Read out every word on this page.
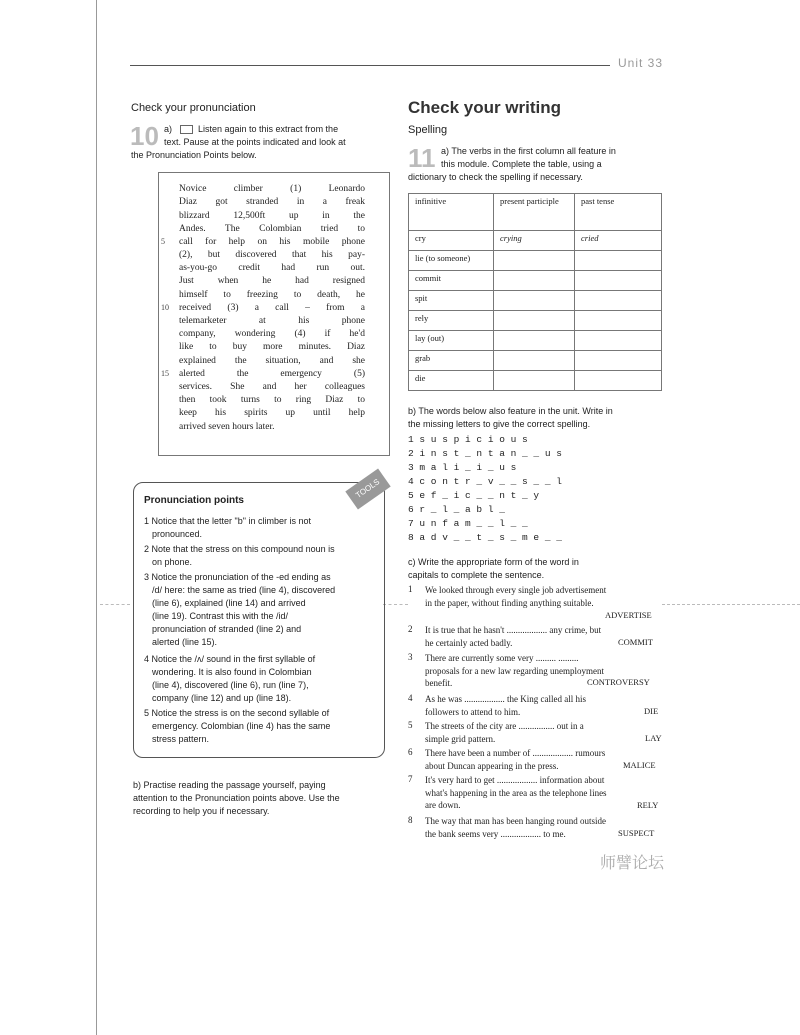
Unit 33
Check your pronunciation
10 a)	Listen again to this extract from the
text. Pause at the points indicated and look at
the Pronunciation Points below.
Novice climber (1) Leonardo
Diaz got stranded in a freak
blizzard 12,500ft up in the
Andes. The Colombian tried to
call for help on his mobile phone
(2), but discovered that his pay-
as-you-go credit had run out.
Just when he had resigned
himself to freezing to death, he
received (3) a call – from a
telemarketer at his phone
company, wondering (4) if he'd
like to buy more minutes. Diaz
explained the situation, and she
alerted the emergency (5)
services. She and her colleagues
then took turns to ring Diaz to
keep his spirits up until help
arrived seven hours later.
5
10
15
Pronunciation points
1 Notice that the letter "b" in climber is not
pronounced.
2 Note that the stress on this compound noun is
on phone.
3 Notice the pronunciation of the -ed ending as
/d/ here: the same as tried (line 4), discovered
(line 6), explained (line 14) and arrived
(line 19). Contrast this with the /id/
pronunciation of stranded (line 2) and
alerted (line 15).
4 Notice the /ʌ/ sound in the first syllable of
wondering. It is also found in Colombian
(line 4), discovered (line 6), run (line 7),
company (line 12) and up (line 18).
5 Notice the stress is on the second syllable of
emergency. Colombian (line 4) has the same
stress pattern.
TOOLS
b) Practise reading the passage yourself, paying
attention to the Pronunciation points above. Use the
recording to help you if necessary.
Check your writing
Spelling
11 a) The verbs in the first column all feature in
this module. Complete the table, using a
dictionary to check the spelling if necessary.
infinitive	present participle	past tense
cry	crying	cried
lie (to someone)		
commit		
spit		
rely		
lay (out)		
grab		
die		
b) The words below also feature in the unit. Write in
the missing letters to give the correct spelling.
1 s u s p i c i o u s
2 i n s t _ n t a n _ _ u s
3 m a l i _ i _ u s
4 c o n t r _ v _ _ s _ _ l
5 e f _ i c _ _ n t _ y
6 r _ l _ a b l _
7 u n f a m _ _ l _ _
8 a d v _ _ t _ s _ m e _ _
c) Write the appropriate form of the word in
capitals to complete the sentence.
1 We looked through every single job advertisement
in the paper, without finding anything suitable.
ADVERTISE
2 It is true that he hasn't .................. any crime, but
he certainly acted badly.	COMMIT
3 There are currently some very ......... .........
proposals for a new law regarding unemployment
benefit.	CONTROVERSY
4 As he was .................. the King called all his
followers to attend to him.	DIE
5 The streets of the city are ................ out in a
simple grid pattern.	LAY
6 There have been a number of .................. rumours
about Duncan appearing in the press.	MALICE
7 It's very hard to get .................. information about
what's happening in the area as the telephone lines
are down.	RELY
8 The way that man has been hanging round outside
the bank seems very .................. to me.	SUSPECT
师譬论坛
